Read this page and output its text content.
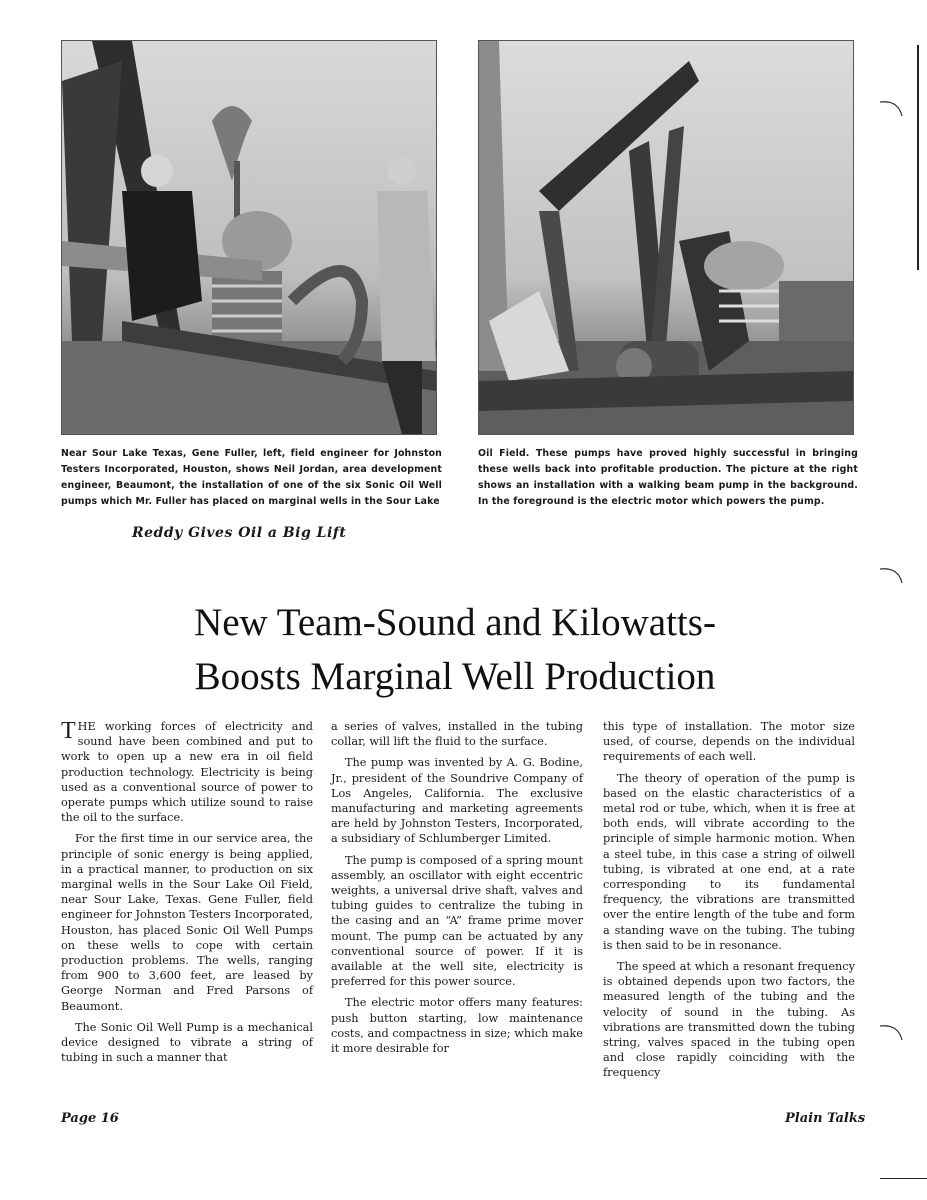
Near Sour Lake Texas, Gene Fuller, left, field engineer for Johnston Testers Incorporated, Houston, shows Neil Jordan, area development engineer, Beaumont, the installation of one of the six Sonic Oil Well pumps which Mr. Fuller has placed on marginal wells in the Sour Lake
Oil Field. These pumps have proved highly successful in bringing these wells back into profitable production. The picture at the right shows an installation with a walking beam pump in the background. In the foreground is the electric motor which powers the pump.
Reddy Gives Oil a Big Lift
New Team-Sound and Kilowatts-
Boosts Marginal Well Production

THE working forces of electricity and sound have been combined and put to work to open up a new era in oil field production technology. Electricity is being used as a conventional source of power to operate pumps which utilize sound to raise the oil to the surface.

For the first time in our service area, the principle of sonic energy is being applied, in a practical manner, to production on six marginal wells in the Sour Lake Oil Field, near Sour Lake, Texas. Gene Fuller, field engineer for Johnston Testers Incorporated, Houston, has placed Sonic Oil Well Pumps on these wells to cope with certain production problems. The wells, ranging from 900 to 3,600 feet, are leased by George Norman and Fred Parsons of Beaumont.

The Sonic Oil Well Pump is a mechanical device designed to vibrate a string of tubing in such a manner that

a series of valves, installed in the tubing collar, will lift the fluid to the surface.

The pump was invented by A. G. Bodine, Jr., president of the Soundrive Company of Los Angeles, California. The exclusive manufacturing and marketing agreements are held by Johnston Testers, Incorporated, a subsidiary of Schlumberger Limited.

The pump is composed of a spring mount assembly, an oscillator with eight eccentric weights, a universal drive shaft, valves and tubing guides to centralize the tubing in the casing and an “A” frame prime mover mount. The pump can be actuated by any conventional source of power. If it is available at the well site, electricity is preferred for this power source.

The electric motor offers many features: push button starting, low maintenance costs, and compactness in size; which make it more desirable for

this type of installation. The motor size used, of course, depends on the individual requirements of each well.

The theory of operation of the pump is based on the elastic characteristics of a metal rod or tube, which, when it is free at both ends, will vibrate according to the principle of simple harmonic motion. When a steel tube, in this case a string of oilwell tubing, is vibrated at one end, at a rate corresponding to its fundamental frequency, the vibrations are transmitted over the entire length of the tube and form a standing wave on the tubing. The tubing is then said to be in resonance.

The speed at which a resonant frequency is obtained depends upon two factors, the measured length of the tubing and the velocity of sound in the tubing. As vibrations are transmitted down the tubing string, valves spaced in the tubing open and close rapidly coinciding with the frequency

Page 16	Plain Talks
